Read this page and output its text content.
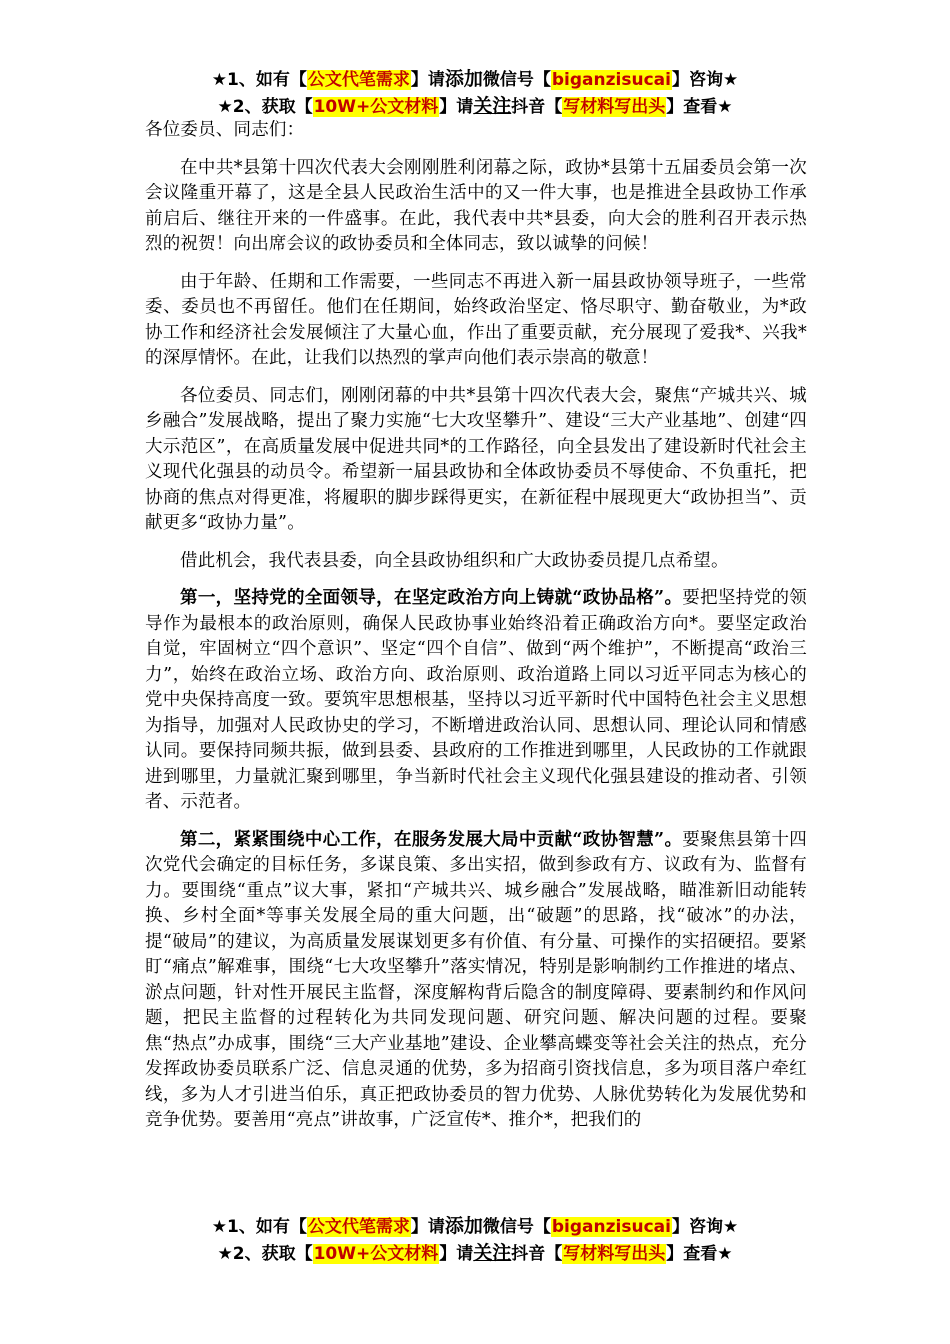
★1、如有【公文代笔需求】请添加微信号【biganzisucai】咨询★
★2、获取【10W+公文材料】请关注抖音【写材料写出头】查看★

各位委员、同志们：

在中共*县第十四次代表大会刚刚胜利闭幕之际，政协*县第十五届委员会第一次会议隆重开幕了，这是全县人民政治生活中的又一件大事，也是推进全县政协工作承前启后、继往开来的一件盛事。在此，我代表中共*县委，向大会的胜利召开表示热烈的祝贺！向出席会议的政协委员和全体同志，致以诚挚的问候！

由于年龄、任期和工作需要，一些同志不再进入新一届县政协领导班子，一些常委、委员也不再留任。他们在任期间，始终政治坚定、恪尽职守、勤奋敬业，为*政协工作和经济社会发展倾注了大量心血，作出了重要贡献，充分展现了爱我*、兴我*的深厚情怀。在此，让我们以热烈的掌声向他们表示崇高的敬意！

各位委员、同志们，刚刚闭幕的中共*县第十四次代表大会，聚焦“产城共兴、城乡融合”发展战略，提出了聚力实施“七大攻坚攀升”、建设“三大产业基地”、创建“四大示范区”，在高质量发展中促进共同*的工作路径，向全县发出了建设新时代社会主义现代化强县的动员令。希望新一届县政协和全体政协委员不辱使命、不负重托，把协商的焦点对得更准，将履职的脚步踩得更实，在新征程中展现更大“政协担当”、贡献更多“政协力量”。

借此机会，我代表县委，向全县政协组织和广大政协委员提几点希望。

第一，坚持党的全面领导，在坚定政治方向上铸就“政协品格”。要把坚持党的领导作为最根本的政治原则，确保人民政协事业始终沿着正确政治方向*。要坚定政治自觉，牢固树立“四个意识”、坚定“四个自信”、做到“两个维护”，不断提高“政治三力”，始终在政治立场、政治方向、政治原则、政治道路上同以习近平同志为核心的党中央保持高度一致。要筑牢思想根基，坚持以习近平新时代中国特色社会主义思想为指导，加强对人民政协史的学习，不断增进政治认同、思想认同、理论认同和情感认同。要保持同频共振，做到县委、县政府的工作推进到哪里，人民政协的工作就跟进到哪里，力量就汇聚到哪里，争当新时代社会主义现代化强县建设的推动者、引领者、示范者。

第二，紧紧围绕中心工作，在服务发展大局中贡献“政协智慧”。要聚焦县第十四次党代会确定的目标任务，多谋良策、多出实招，做到参政有方、议政有为、监督有力。要围绕“重点”议大事，紧扣“产城共兴、城乡融合”发展战略，瞄准新旧动能转换、乡村全面*等事关发展全局的重大问题，出“破题”的思路，找“破冰”的办法，提“破局”的建议，为高质量发展谋划更多有价值、有分量、可操作的实招硬招。要紧盯“痛点”解难事，围绕“七大攻坚攀升”落实情况，特别是影响制约工作推进的堵点、淤点问题，针对性开展民主监督，深度解构背后隐含的制度障碍、要素制约和作风问题，把民主监督的过程转化为共同发现问题、研究问题、解决问题的过程。要聚焦“热点”办成事，围绕“三大产业基地”建设、企业攀高蝶变等社会关注的热点，充分发挥政协委员联系广泛、信息灵通的优势，多为招商引资找信息，多为项目落户牵红线，多为人才引进当伯乐，真正把政协委员的智力优势、人脉优势转化为发展优势和竞争优势。要善用“亮点”讲故事，广泛宣传*、推介*，把我们的

★1、如有【公文代笔需求】请添加微信号【biganzisucai】咨询★
★2、获取【10W+公文材料】请关注抖音【写材料写出头】查看★
